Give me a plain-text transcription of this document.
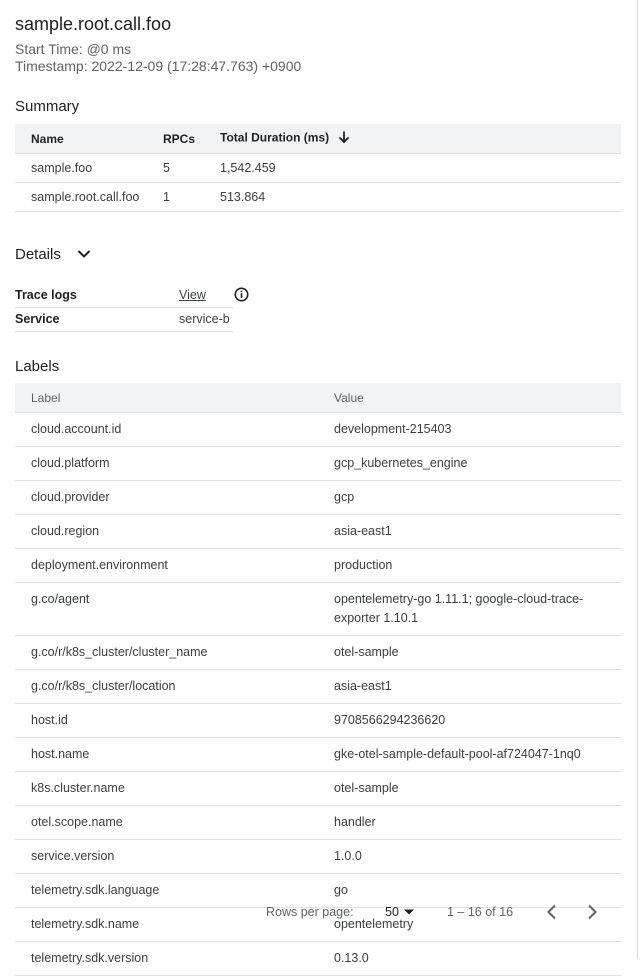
sample.root.call.foo
Start Time: @0 ms
Timestamp: 2022-12-09 (17:28:47.763) +0900
Summary
Name	RPCs	Total Duration (ms)
sample.foo	5	1,542.459
sample.root.call.foo	1	513.864
Details
Trace logs	View
Service	service-b
Labels
Label	Value
cloud.account.id	development-215403
cloud.platform	gcp_kubernetes_engine
cloud.provider	gcp
cloud.region	asia-east1
deployment.environment	production
g.co/agent	opentelemetry-go 1.11.1; google-cloud-trace-exporter 1.10.1
g.co/r/k8s_cluster/cluster_name	otel-sample
g.co/r/k8s_cluster/location	asia-east1
host.id	9708566294236620
host.name	gke-otel-sample-default-pool-af724047-1nq0
k8s.cluster.name	otel-sample
otel.scope.name	handler
service.version	1.0.0
telemetry.sdk.language	go
telemetry.sdk.name	opentelemetry
telemetry.sdk.version	0.13.0
Rows per page:	50	1 – 16 of 16
